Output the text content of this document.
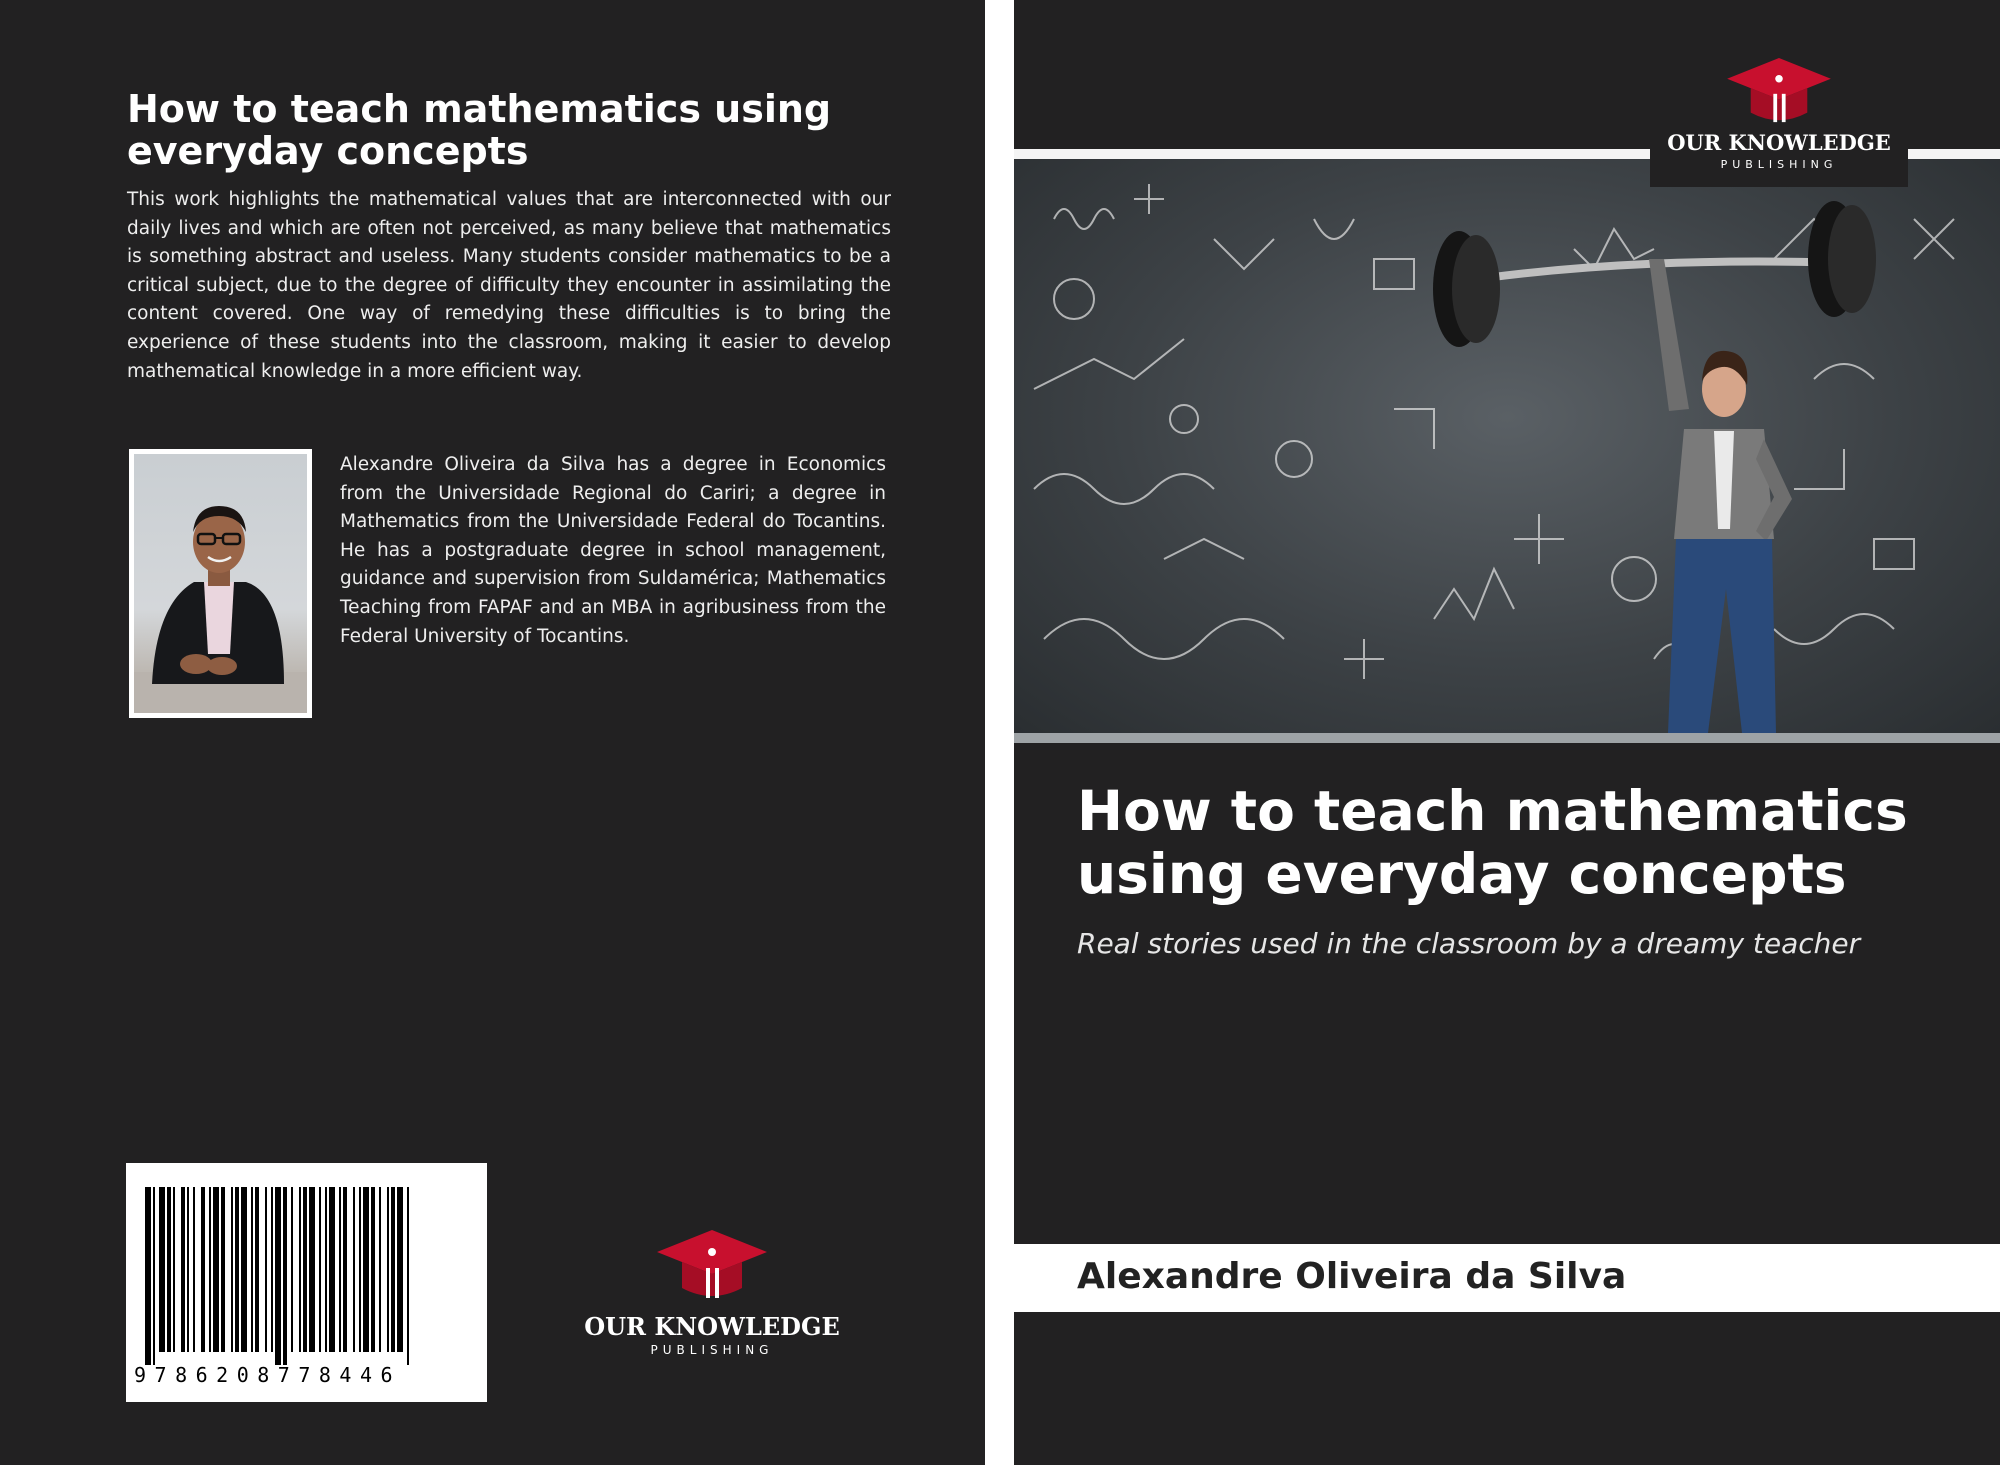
How to teach mathematics using everyday concepts
This work highlights the mathematical values that are interconnected with our daily lives and which are often not perceived, as many believe that mathematics is something abstract and useless. Many students consider mathematics to be a critical subject, due to the degree of difficulty they encounter in assimilating the content covered. One way of remedying these difficulties is to bring the experience of these students into the classroom, making it easier to develop mathematical knowledge in a more efficient way.
Alexandre Oliveira da Silva has a degree in Economics from the Universidade Regional do Cariri; a degree in Mathematics from the Universidade Federal do Tocantins. He has a postgraduate degree in school management, guidance and supervision from Suldamérica; Mathematics Teaching from FAPAF and an MBA in agribusiness from the Federal University of Tocantins.
9786208778446
OUR KNOWLEDGE
PUBLISHING
OUR KNOWLEDGE
PUBLISHING
How to teach mathematics using everyday concepts
Real stories used in the classroom by a dreamy teacher
Alexandre Oliveira da Silva
